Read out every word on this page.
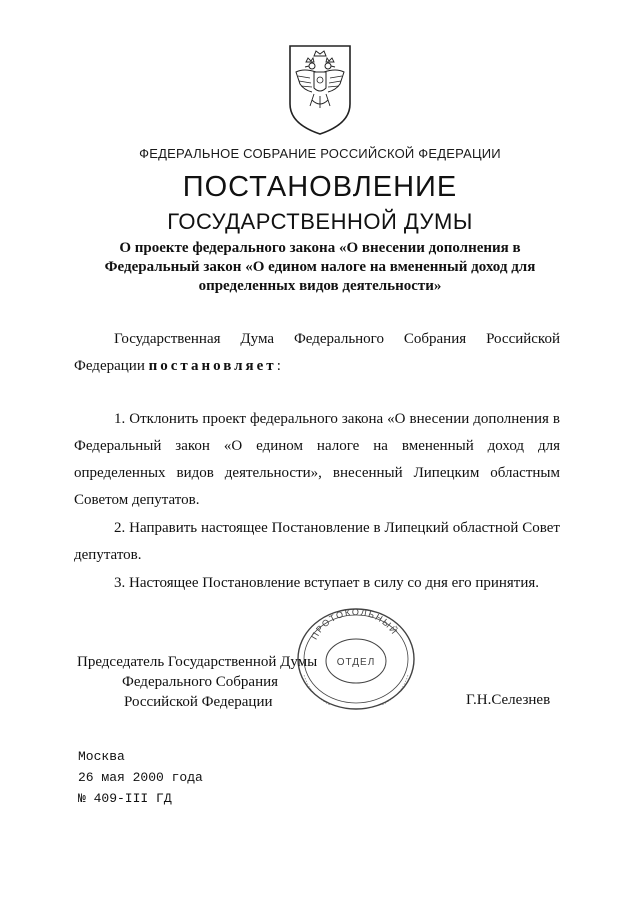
ФЕДЕРАЛЬНОЕ СОБРАНИЕ РОССИЙСКОЙ ФЕДЕРАЦИИ
ПОСТАНОВЛЕНИЕ
ГОСУДАРСТВЕННОЙ ДУМЫ
О проекте федерального закона «О внесении дополнения в Федеральный закон «О едином налоге на вмененный доход для определенных видов деятельности»

Государственная Дума Федерального Собрания Российской Федерации постановляет:

1. Отклонить проект федерального закона «О внесении дополнения в Федеральный закон «О едином налоге на вмененный доход для определенных видов деятельности», внесенный Липецким областным Советом депутатов.

2. Направить настоящее Постановление в Липецкий областной Совет депутатов.

3. Настоящее Постановление вступает в силу со дня его принятия.

ПРОТОКОЛЬНЫЙ
ОТДЕЛ
Председатель Государственной Думы
Федерального Собрания
Российской Федерации	Г.Н.Селезнев
Москва
26 мая 2000 года
№ 409-III ГД
